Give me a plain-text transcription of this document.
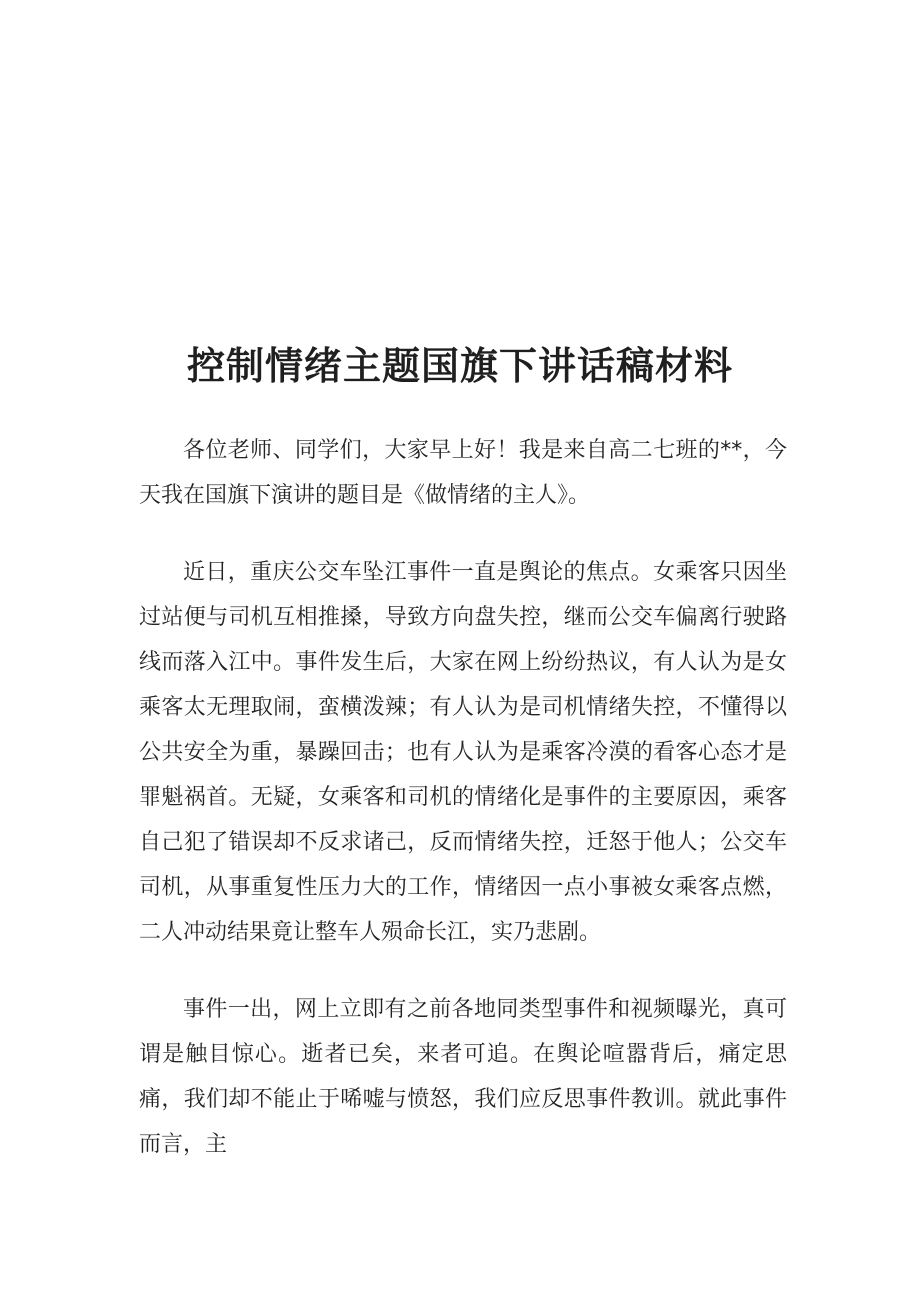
控制情绪主题国旗下讲话稿材料

各位老师、同学们，大家早上好！我是来自高二七班的**，今天我在国旗下演讲的题目是《做情绪的主人》。

近日，重庆公交车坠江事件一直是舆论的焦点。女乘客只因坐过站便与司机互相推搡，导致方向盘失控，继而公交车偏离行驶路线而落入江中。事件发生后，大家在网上纷纷热议，有人认为是女乘客太无理取闹，蛮横泼辣；有人认为是司机情绪失控，不懂得以公共安全为重，暴躁回击；也有人认为是乘客冷漠的看客心态才是罪魁祸首。无疑，女乘客和司机的情绪化是事件的主要原因，乘客自己犯了错误却不反求诸己，反而情绪失控，迁怒于他人；公交车司机，从事重复性压力大的工作，情绪因一点小事被女乘客点燃，二人冲动结果竟让整车人殒命长江，实乃悲剧。

事件一出，网上立即有之前各地同类型事件和视频曝光，真可谓是触目惊心。逝者已矣，来者可追。在舆论喧嚣背后，痛定思痛，我们却不能止于唏嘘与愤怒，我们应反思事件教训。就此事件而言，主
